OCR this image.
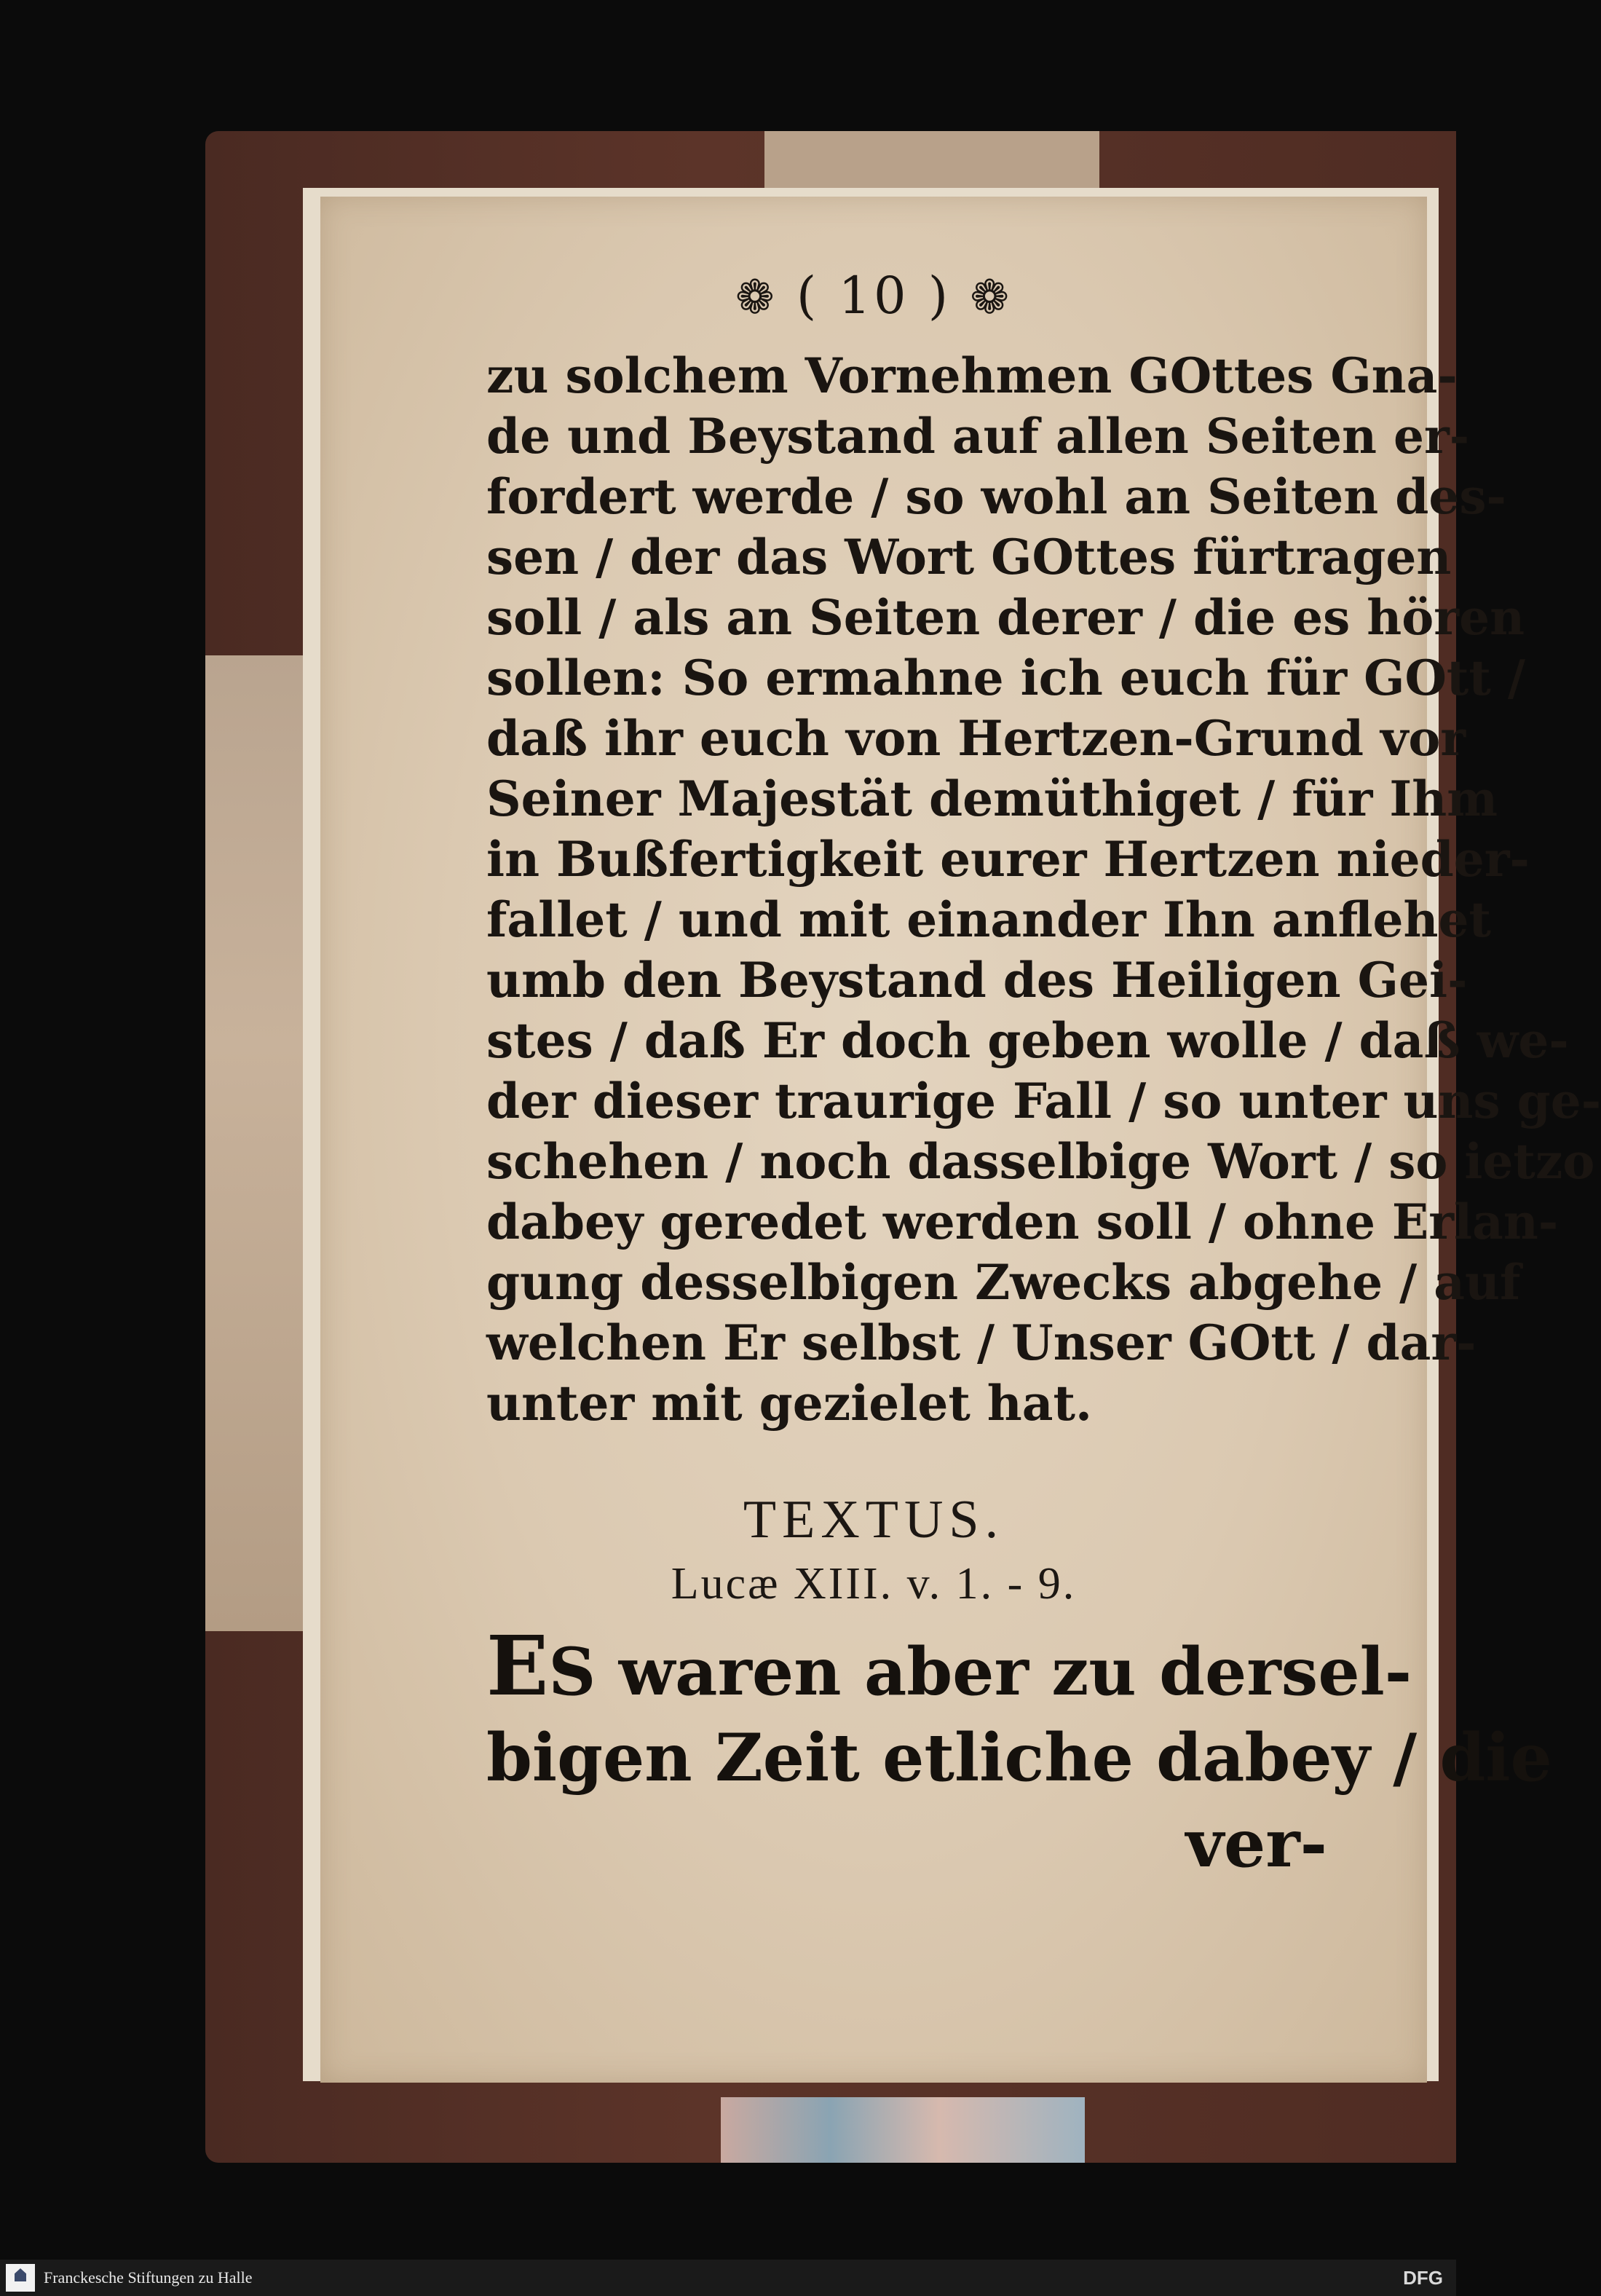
❁ ( 10 ) ❁
zu solchem Vornehmen GOttes Gna-
de und Beystand auf allen Seiten er-
fordert werde / so wohl an Seiten des-
sen / der das Wort GOttes fürtragen
soll / als an Seiten derer / die es hören
sollen: So ermahne ich euch für GOtt /
daß ihr euch von Hertzen-Grund vor
Seiner Majestät demüthiget / für Ihm
in Bußfertigkeit eurer Hertzen nieder-
fallet / und mit einander Ihn anflehet
umb den Beystand des Heiligen Gei-
stes / daß Er doch geben wolle / daß we-
der dieser traurige Fall / so unter uns ge-
schehen / noch dasselbige Wort / so ietzo
dabey geredet werden soll / ohne Erlan-
gung desselbigen Zwecks abgehe / auf
welchen Er selbst / Unser GOtt / dar-
unter mit gezielet hat.
TEXTUS.
Lucæ XIII. v. 1. - 9.
ES waren aber zu dersel-
bigen Zeit etliche dabey / die
ver-
Franckesche Stiftungen zu Halle	DFG
